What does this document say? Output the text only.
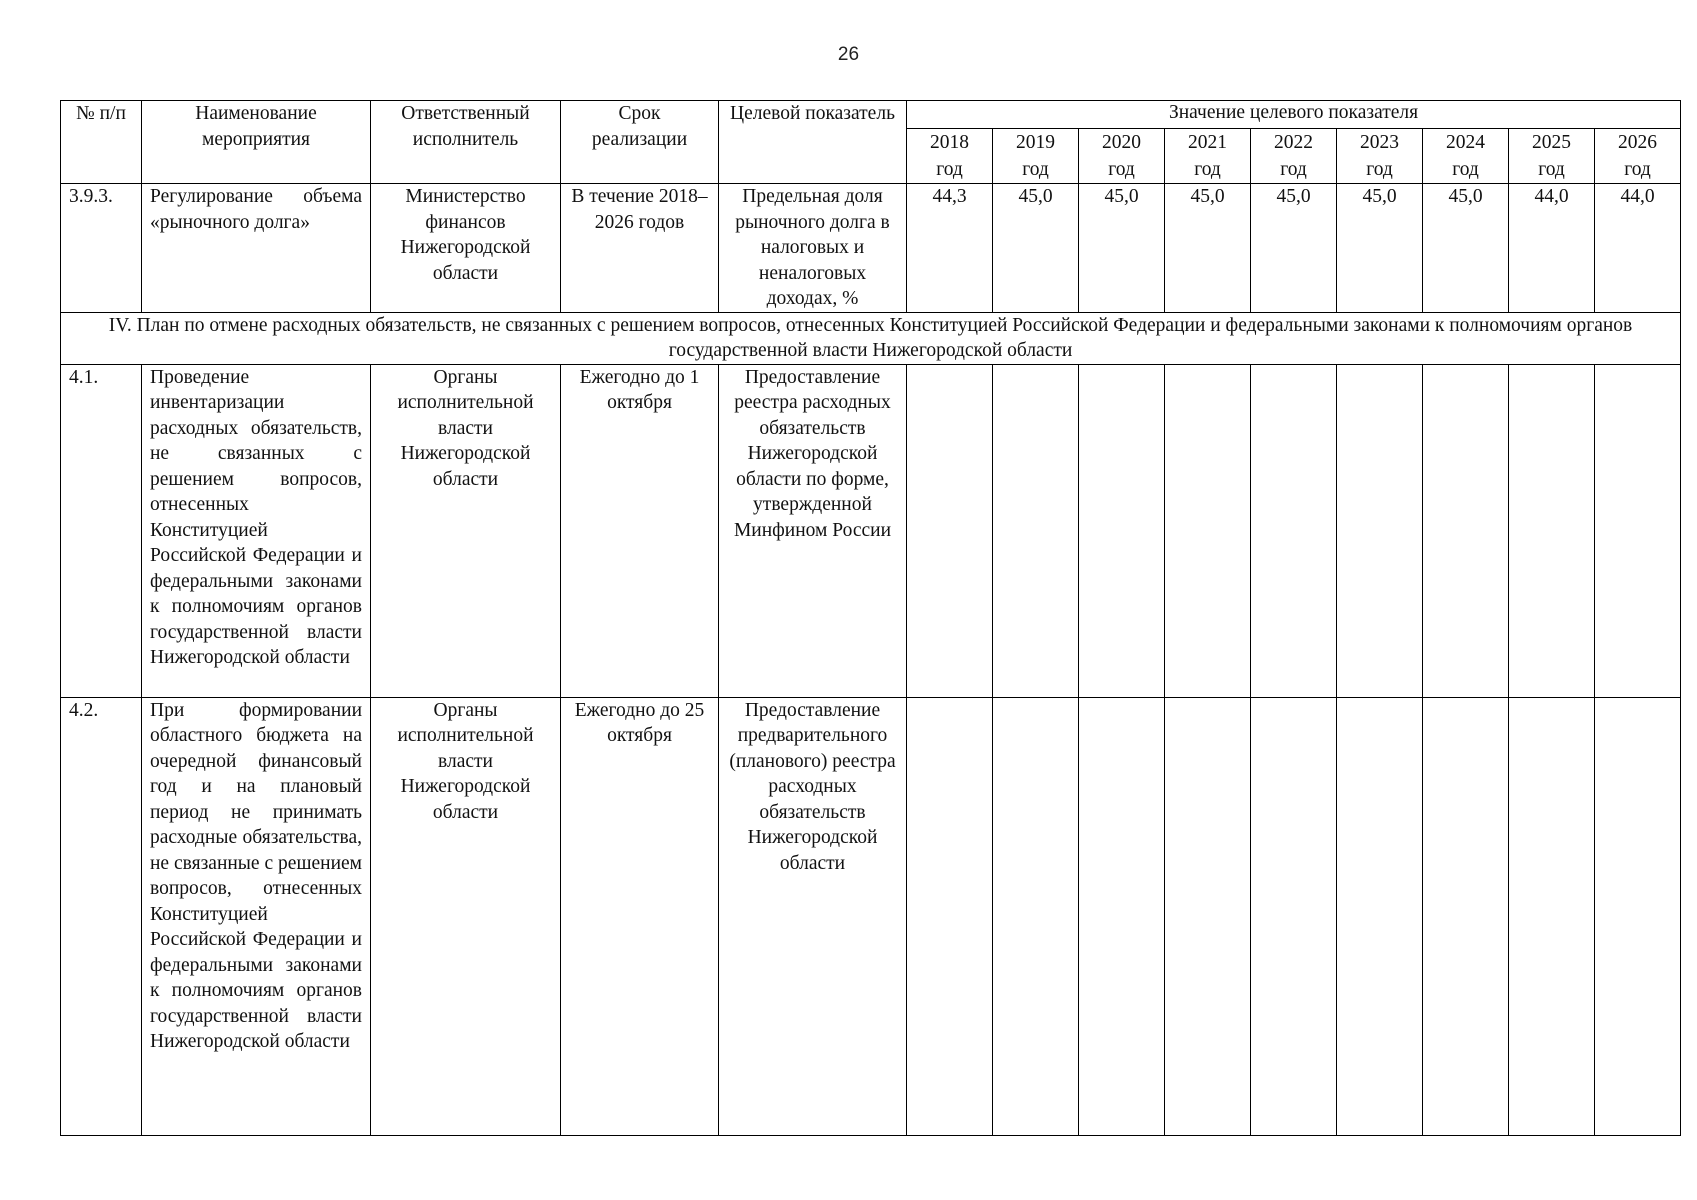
26
№ п/п	Наименование мероприятия	Ответственный исполнитель	Срок реализации	Целевой показатель	Значение целевого показателя								
					2018 год	2019 год	2020 год	2021 год	2022 год	2023 год	2024 год	2025 год	2026 год
3.9.3.	Регулирование объема «рыночного долга»	Министерство финансов Нижегородской области	В течение 2018–2026 годов	Предельная доля рыночного долга в налоговых и неналоговых доходах, %	44,3	45,0	45,0	45,0	45,0	45,0	45,0	44,0	44,0
IV. План по отмене расходных обязательств, не связанных с решением вопросов, отнесенных Конституцией Российской Федерации и федеральными законами к полномочиям органов государственной власти Нижегородской области													
4.1.	Проведение инвентаризации расходных обязательств, не связанных с решением вопросов, отнесенных Конституцией Российской Федерации и федеральными законами к полномочиям органов государственной власти Нижегородской области	Органы исполнительной власти Нижегородской области	Ежегодно до 1 октября	Предоставление реестра расходных обязательств Нижегородской области по форме, утвержденной Минфином России									
4.2.	При формировании областного бюджета на очередной финансовый год и на плановый период не принимать расходные обязательства, не связанные с решением вопросов, отнесенных Конституцией Российской Федерации и федеральными законами к полномочиям органов государственной власти Нижегородской области	Органы исполнительной власти Нижегородской области	Ежегодно до 25 октября	Предоставление предварительного (планового) реестра расходных обязательств Нижегородской области									
